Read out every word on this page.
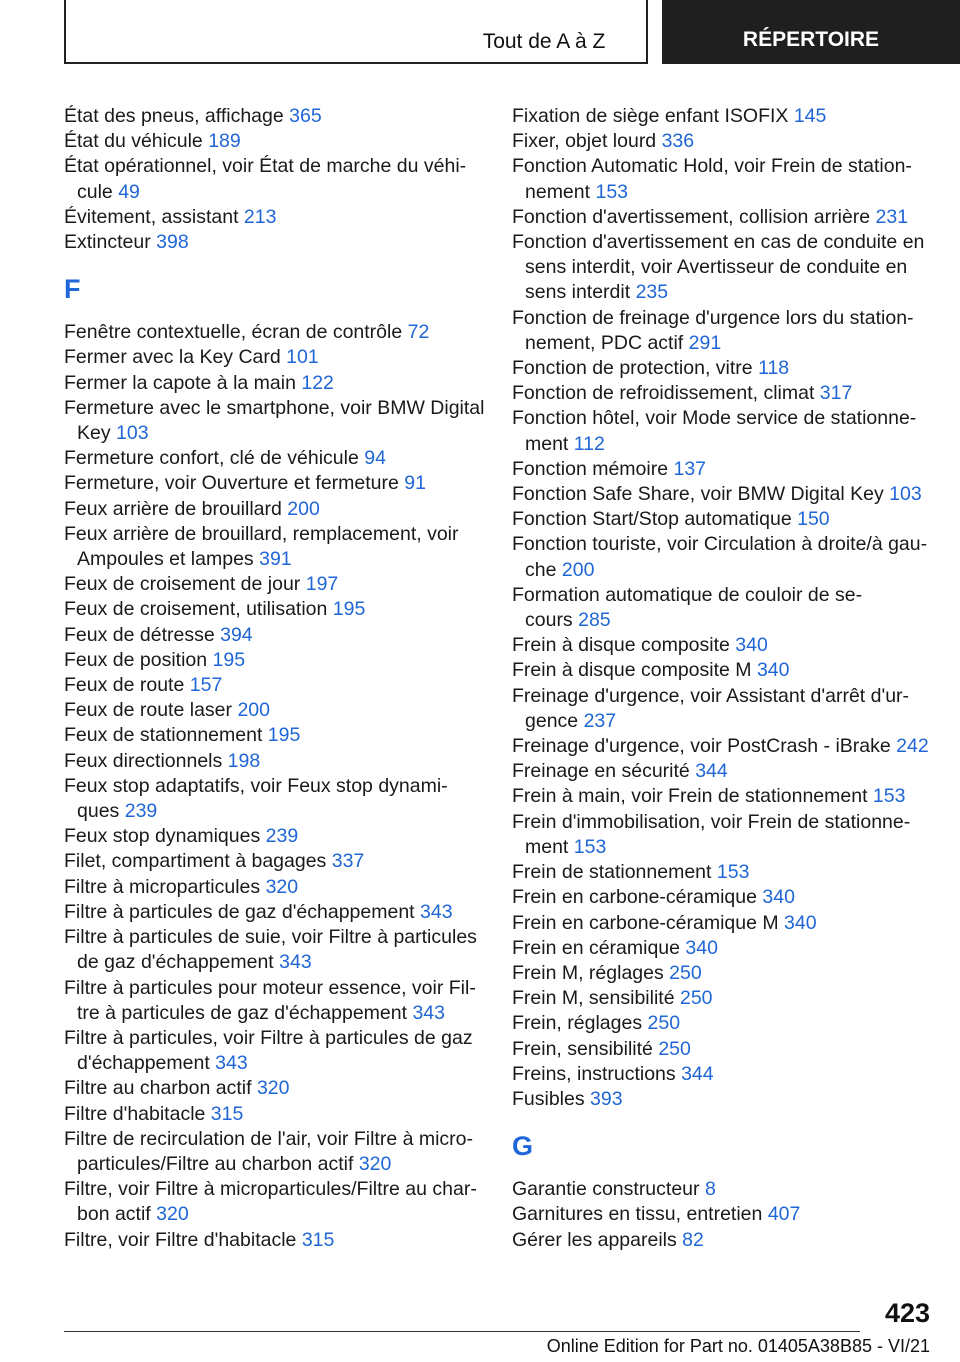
Tout de A à Z	RÉPERTOIRE
État des pneus, affichage 365
État du véhicule 189
État opérationnel, voir État de marche du véhi-
cule 49
Évitement, assistant 213
Extincteur 398
F
Fenêtre contextuelle, écran de contrôle 72
Fermer avec la Key Card 101
Fermer la capote à la main 122
Fermeture avec le smartphone, voir BMW Digital
Key 103
Fermeture confort, clé de véhicule 94
Fermeture, voir Ouverture et fermeture 91
Feux arrière de brouillard 200
Feux arrière de brouillard, remplacement, voir
Ampoules et lampes 391
Feux de croisement de jour 197
Feux de croisement, utilisation 195
Feux de détresse 394
Feux de position 195
Feux de route 157
Feux de route laser 200
Feux de stationnement 195
Feux directionnels 198
Feux stop adaptatifs, voir Feux stop dynami-
ques 239
Feux stop dynamiques 239
Filet, compartiment à bagages 337
Filtre à microparticules 320
Filtre à particules de gaz d'échappement 343
Filtre à particules de suie, voir Filtre à particules
de gaz d'échappement 343
Filtre à particules pour moteur essence, voir Fil-
tre à particules de gaz d'échappement 343
Filtre à particules, voir Filtre à particules de gaz
d'échappement 343
Filtre au charbon actif 320
Filtre d'habitacle 315
Filtre de recirculation de l'air, voir Filtre à micro-
particules/Filtre au charbon actif 320
Filtre, voir Filtre à microparticules/Filtre au char-
bon actif 320
Filtre, voir Filtre d'habitacle 315
Fixation de siège enfant ISOFIX 145
Fixer, objet lourd 336
Fonction Automatic Hold, voir Frein de station-
nement 153
Fonction d'avertissement, collision arrière 231
Fonction d'avertissement en cas de conduite en
sens interdit, voir Avertisseur de conduite en
sens interdit 235
Fonction de freinage d'urgence lors du station-
nement, PDC actif 291
Fonction de protection, vitre 118
Fonction de refroidissement, climat 317
Fonction hôtel, voir Mode service de stationne-
ment 112
Fonction mémoire 137
Fonction Safe Share, voir BMW Digital Key 103
Fonction Start/Stop automatique 150
Fonction touriste, voir Circulation à droite/à gau-
che 200
Formation automatique de couloir de se-
cours 285
Frein à disque composite 340
Frein à disque composite M 340
Freinage d'urgence, voir Assistant d'arrêt d'ur-
gence 237
Freinage d'urgence, voir PostCrash - iBrake 242
Freinage en sécurité 344
Frein à main, voir Frein de stationnement 153
Frein d'immobilisation, voir Frein de stationne-
ment 153
Frein de stationnement 153
Frein en carbone-céramique 340
Frein en carbone-céramique M 340
Frein en céramique 340
Frein M, réglages 250
Frein M, sensibilité 250
Frein, réglages 250
Frein, sensibilité 250
Freins, instructions 344
Fusibles 393
G
Garantie constructeur 8
Garnitures en tissu, entretien 407
Gérer les appareils 82
423
Online Edition for Part no. 01405A38B85 - VI/21
